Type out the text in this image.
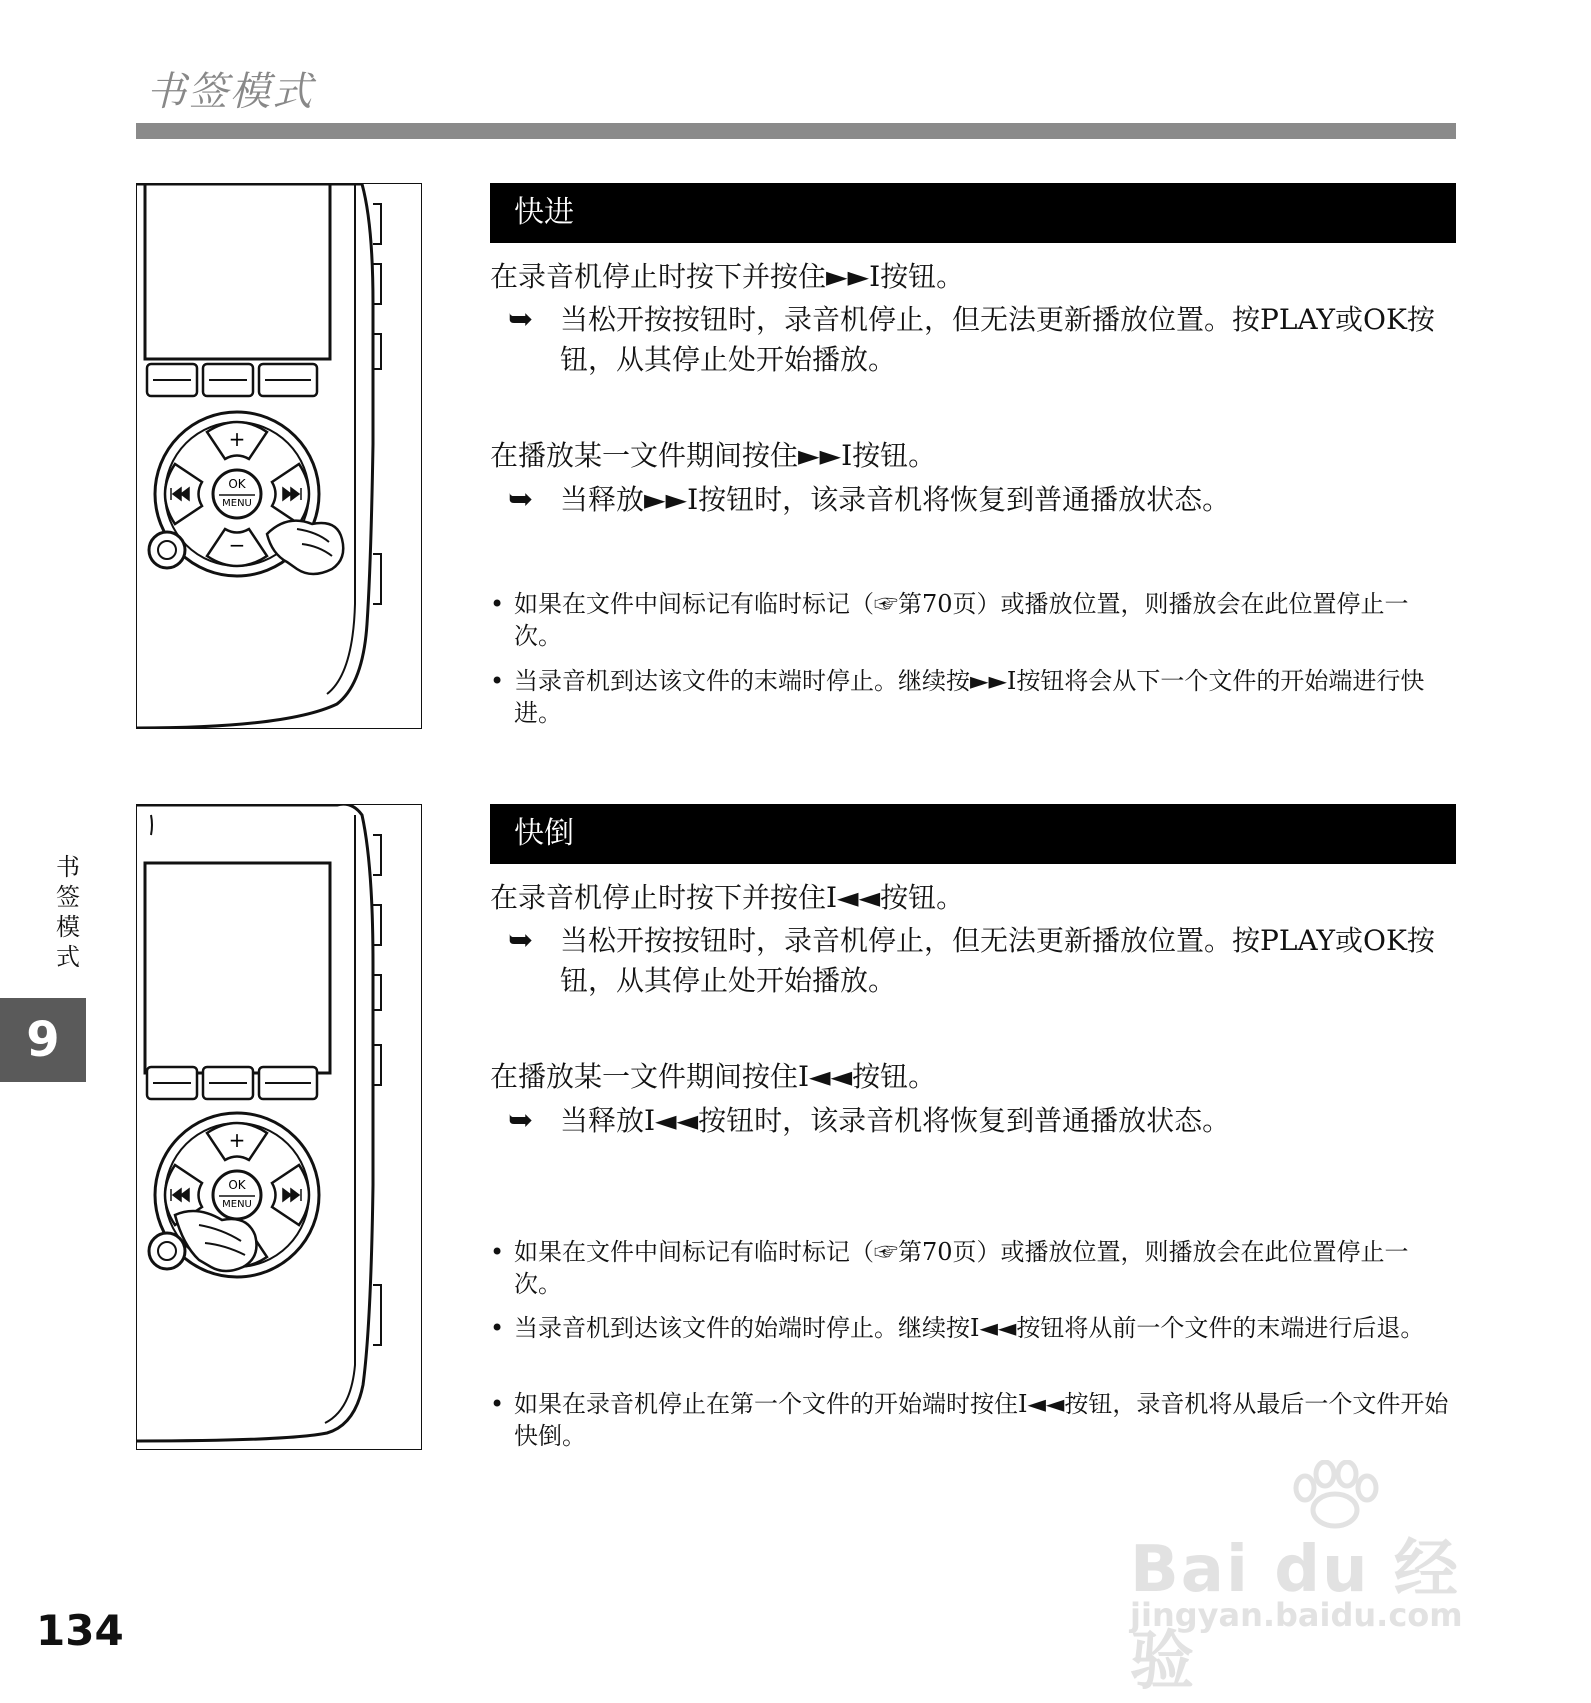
书签模式
OK
MENU
+
−
快进
在录音机停止时按下并按住►►I按钮。
➥ 当松开按按钮时，录音机停止，但无法更新播放位置。按PLAY或OK按钮，从其停止处开始播放。
在播放某一文件期间按住►►I按钮。
➥ 当释放►►I按钮时，该录音机将恢复到普通播放状态。
• 如果在文件中间标记有临时标记（☞第70页）或播放位置，则播放会在此位置停止一次。
• 当录音机到达该文件的末端时停止。继续按►►I按钮将会从下一个文件的开始端进行快进。
OK
MENU
+
快倒
在录音机停止时按下并按住I◄◄按钮。
➥ 当松开按按钮时，录音机停止，但无法更新播放位置。按PLAY或OK按钮，从其停止处开始播放。
在播放某一文件期间按住I◄◄按钮。
➥ 当释放I◄◄按钮时，该录音机将恢复到普通播放状态。
• 如果在文件中间标记有临时标记（☞第70页）或播放位置，则播放会在此位置停止一次。
• 当录音机到达该文件的始端时停止。继续按I◄◄按钮将从前一个文件的末端进行后退。
• 如果在录音机停止在第一个文件的开始端时按住I◄◄按钮，录音机将从最后一个文件开始快倒。
书签模式
9
134
Bai du 经验
jingyan.baidu.com
